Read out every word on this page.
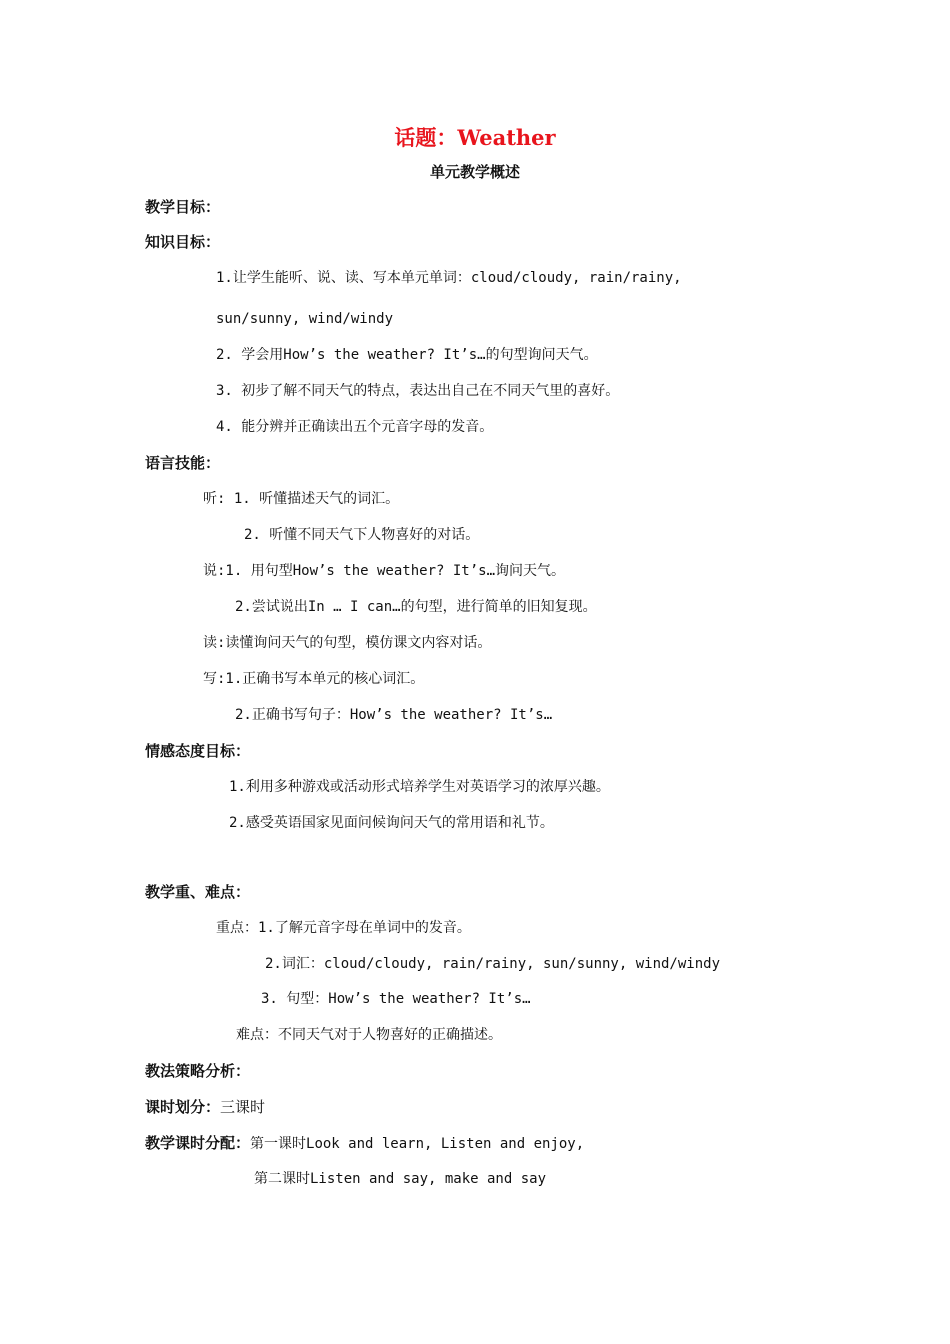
话题：Weather
单元教学概述
教学目标：
知识目标：
1.让学生能听、说、读、写本单元单词：cloud/cloudy, rain/rainy,
sun/sunny, wind/windy
2. 学会用How’s the weather? It’s…的句型询问天气。
3. 初步了解不同天气的特点，表达出自己在不同天气里的喜好。
4. 能分辨并正确读出五个元音字母的发音。
语言技能：
听: 1. 听懂描述天气的词汇。
2. 听懂不同天气下人物喜好的对话。
说:1. 用句型How’s the weather? It’s…询问天气。
2.尝试说出In … I can…的句型，进行简单的旧知复现。
读:读懂询问天气的句型，模仿课文内容对话。
写:1.正确书写本单元的核心词汇。
2.正确书写句子：How’s the weather? It’s…
情感态度目标：
1.利用多种游戏或活动形式培养学生对英语学习的浓厚兴趣。
2.感受英语国家见面问候询问天气的常用语和礼节。
教学重、难点：
重点：1.了解元音字母在单词中的发音。
2.词汇：cloud/cloudy, rain/rainy, sun/sunny, wind/windy
3. 句型：How’s the weather? It’s…
难点：不同天气对于人物喜好的正确描述。
教法策略分析：
课时划分：三课时
教学课时分配：第一课时Look and learn, Listen and enjoy,
第二课时Listen and say, make and say
